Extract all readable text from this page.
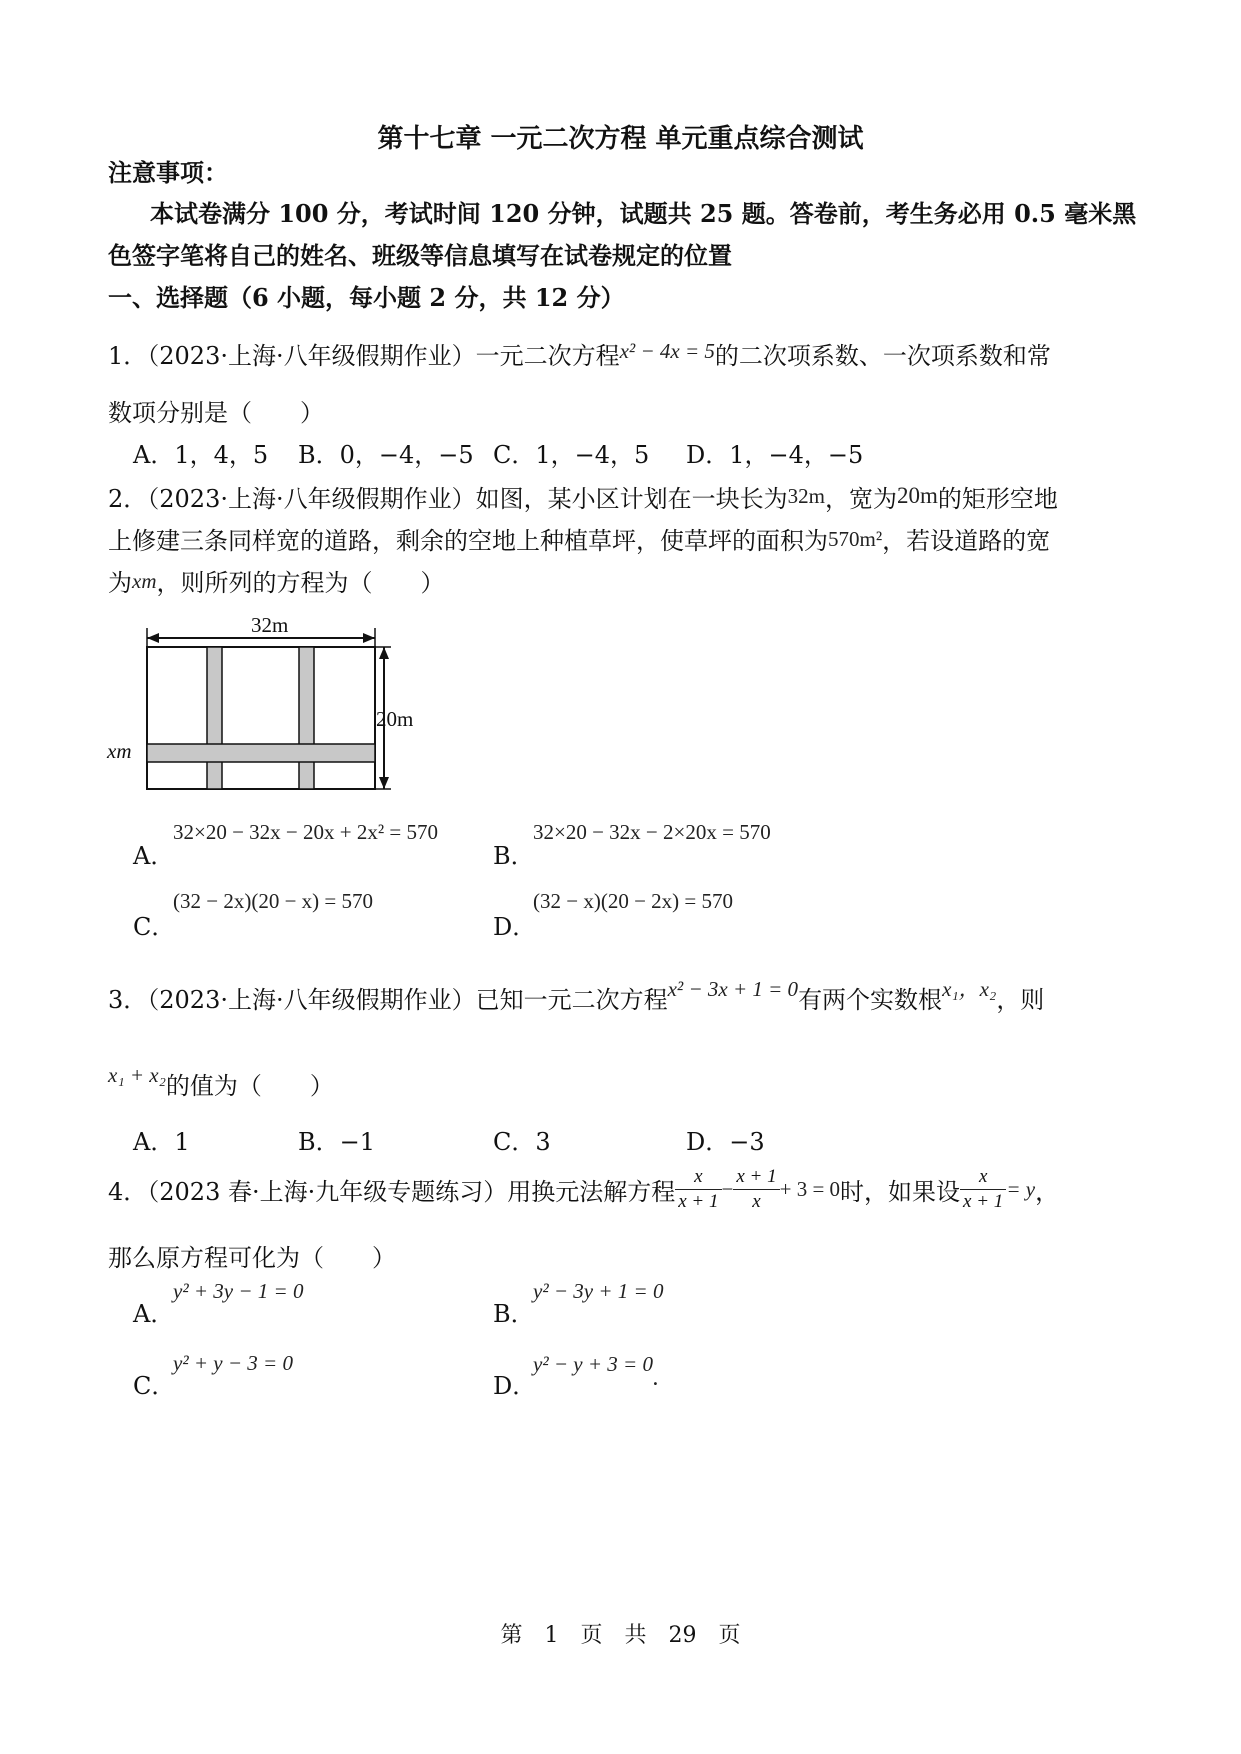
第十七章 一元二次方程 单元重点综合测试
注意事项：
本试卷满分 100 分，考试时间 120 分钟，试题共 25 题。答卷前，考生务必用 0.5 毫米黑
色签字笔将自己的姓名、班级等信息填写在试卷规定的位置
一、选择题（6 小题，每小题 2 分，共 12 分）
1．（2023·上海·八年级假期作业）一元二次方程x² − 4x = 5的二次项系数、一次项系数和常
数项分别是（　　）
A．1，4，5 B．0，−4，−5 C．1，−4，5 D．1，−4，−5
2．（2023·上海·八年级假期作业）如图，某小区计划在一块长为32m，宽为20m的矩形空地
上修建三条同样宽的道路，剩余的空地上种植草坪，使草坪的面积为570m²，若设道路的宽
为xm，则所列的方程为（　　）
32m
20m
xm
A．
32×20 − 32x − 20x + 2x² = 570
B．
32×20 − 32x − 2×20x = 570
C．
(32 − 2x)(20 − x) = 570
D．
(32 − x)(20 − 2x) = 570
3．（2023·上海·八年级假期作业）已知一元二次方程x² − 3x + 1 = 0有两个实数根x₁，x₂，则
x₁ + x₂的值为（　　）
A．1	B．−1	C．3	D．−3
4．（2023 春·上海·九年级专题练习）用换元法解方程 $\frac{x}{x + 1} - \frac{x + 1}{x} + 3 = 0$时，如果设 $\frac{x}{x + 1} = y$，
那么原方程可化为（　　）
A．
y² + 3y − 1 = 0
B．
y² − 3y + 1 = 0
C．
y² + y − 3 = 0
D．
y² − y + 3 = 0.
第　1　页　共　29　页
